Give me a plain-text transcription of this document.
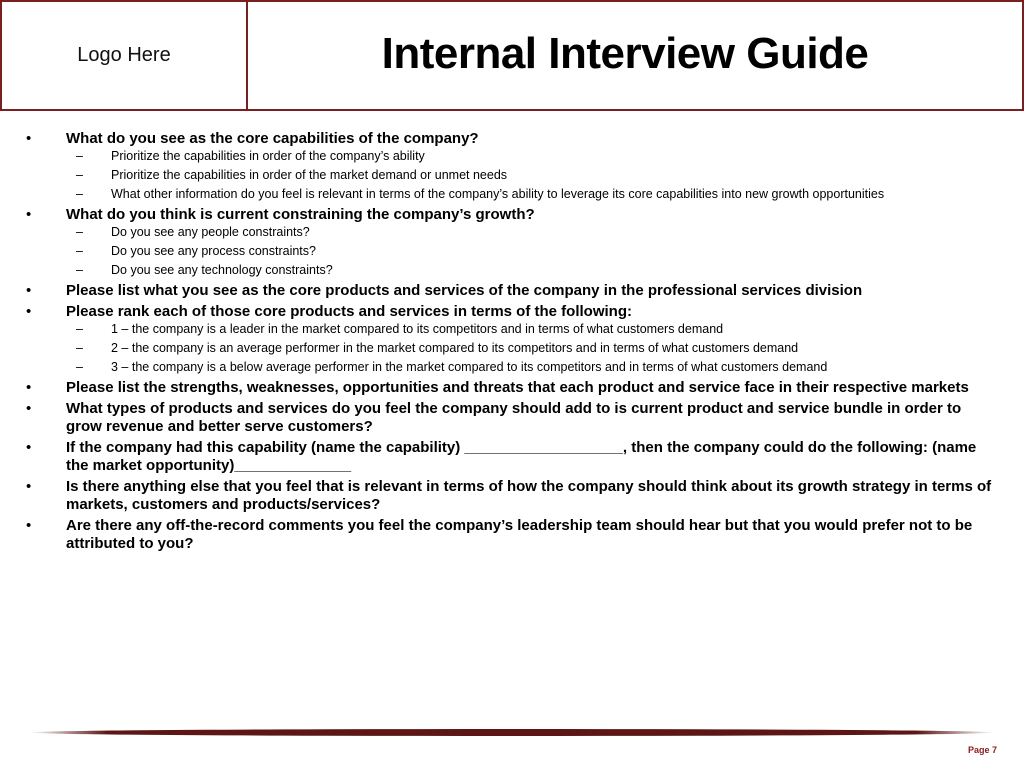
Logo Here	Internal Interview Guide
• What do you see as the core capabilities of the company?
– Prioritize the capabilities in order of the company’s ability
– Prioritize the capabilities in order of the market demand or unmet needs
– What other information do you feel is relevant in terms of the company’s ability to leverage its core capabilities into new growth opportunities
• What do you think is current constraining the company’s growth?
– Do you see any people constraints?
– Do you see any process constraints?
– Do you see any technology constraints?
• Please list what you see as the core products and services of the company in the professional services division
• Please rank each of those core products and services in terms of the following:
– 1 – the company is a leader in the market compared to its competitors and in terms of what customers demand
– 2 – the company is an average performer in the market compared to its competitors and in terms of what customers demand
– 3 – the company is a below average performer in the market compared to its competitors and in terms of what customers demand
• Please list the strengths, weaknesses, opportunities and threats that each product and service face in their respective markets
• What types of products and services do you feel the company should add to is current product and service bundle in order to grow revenue and better serve customers?
• If the company had this capability (name the capability) ___________________, then the company could do the following: (name the market opportunity)______________
• Is there anything else that you feel that is relevant in terms of how the company should think about its growth strategy in terms of markets, customers and products/services?
• Are there any off-the-record comments you feel the company’s leadership team should hear but that you would prefer not to be attributed to you?
Page 7
